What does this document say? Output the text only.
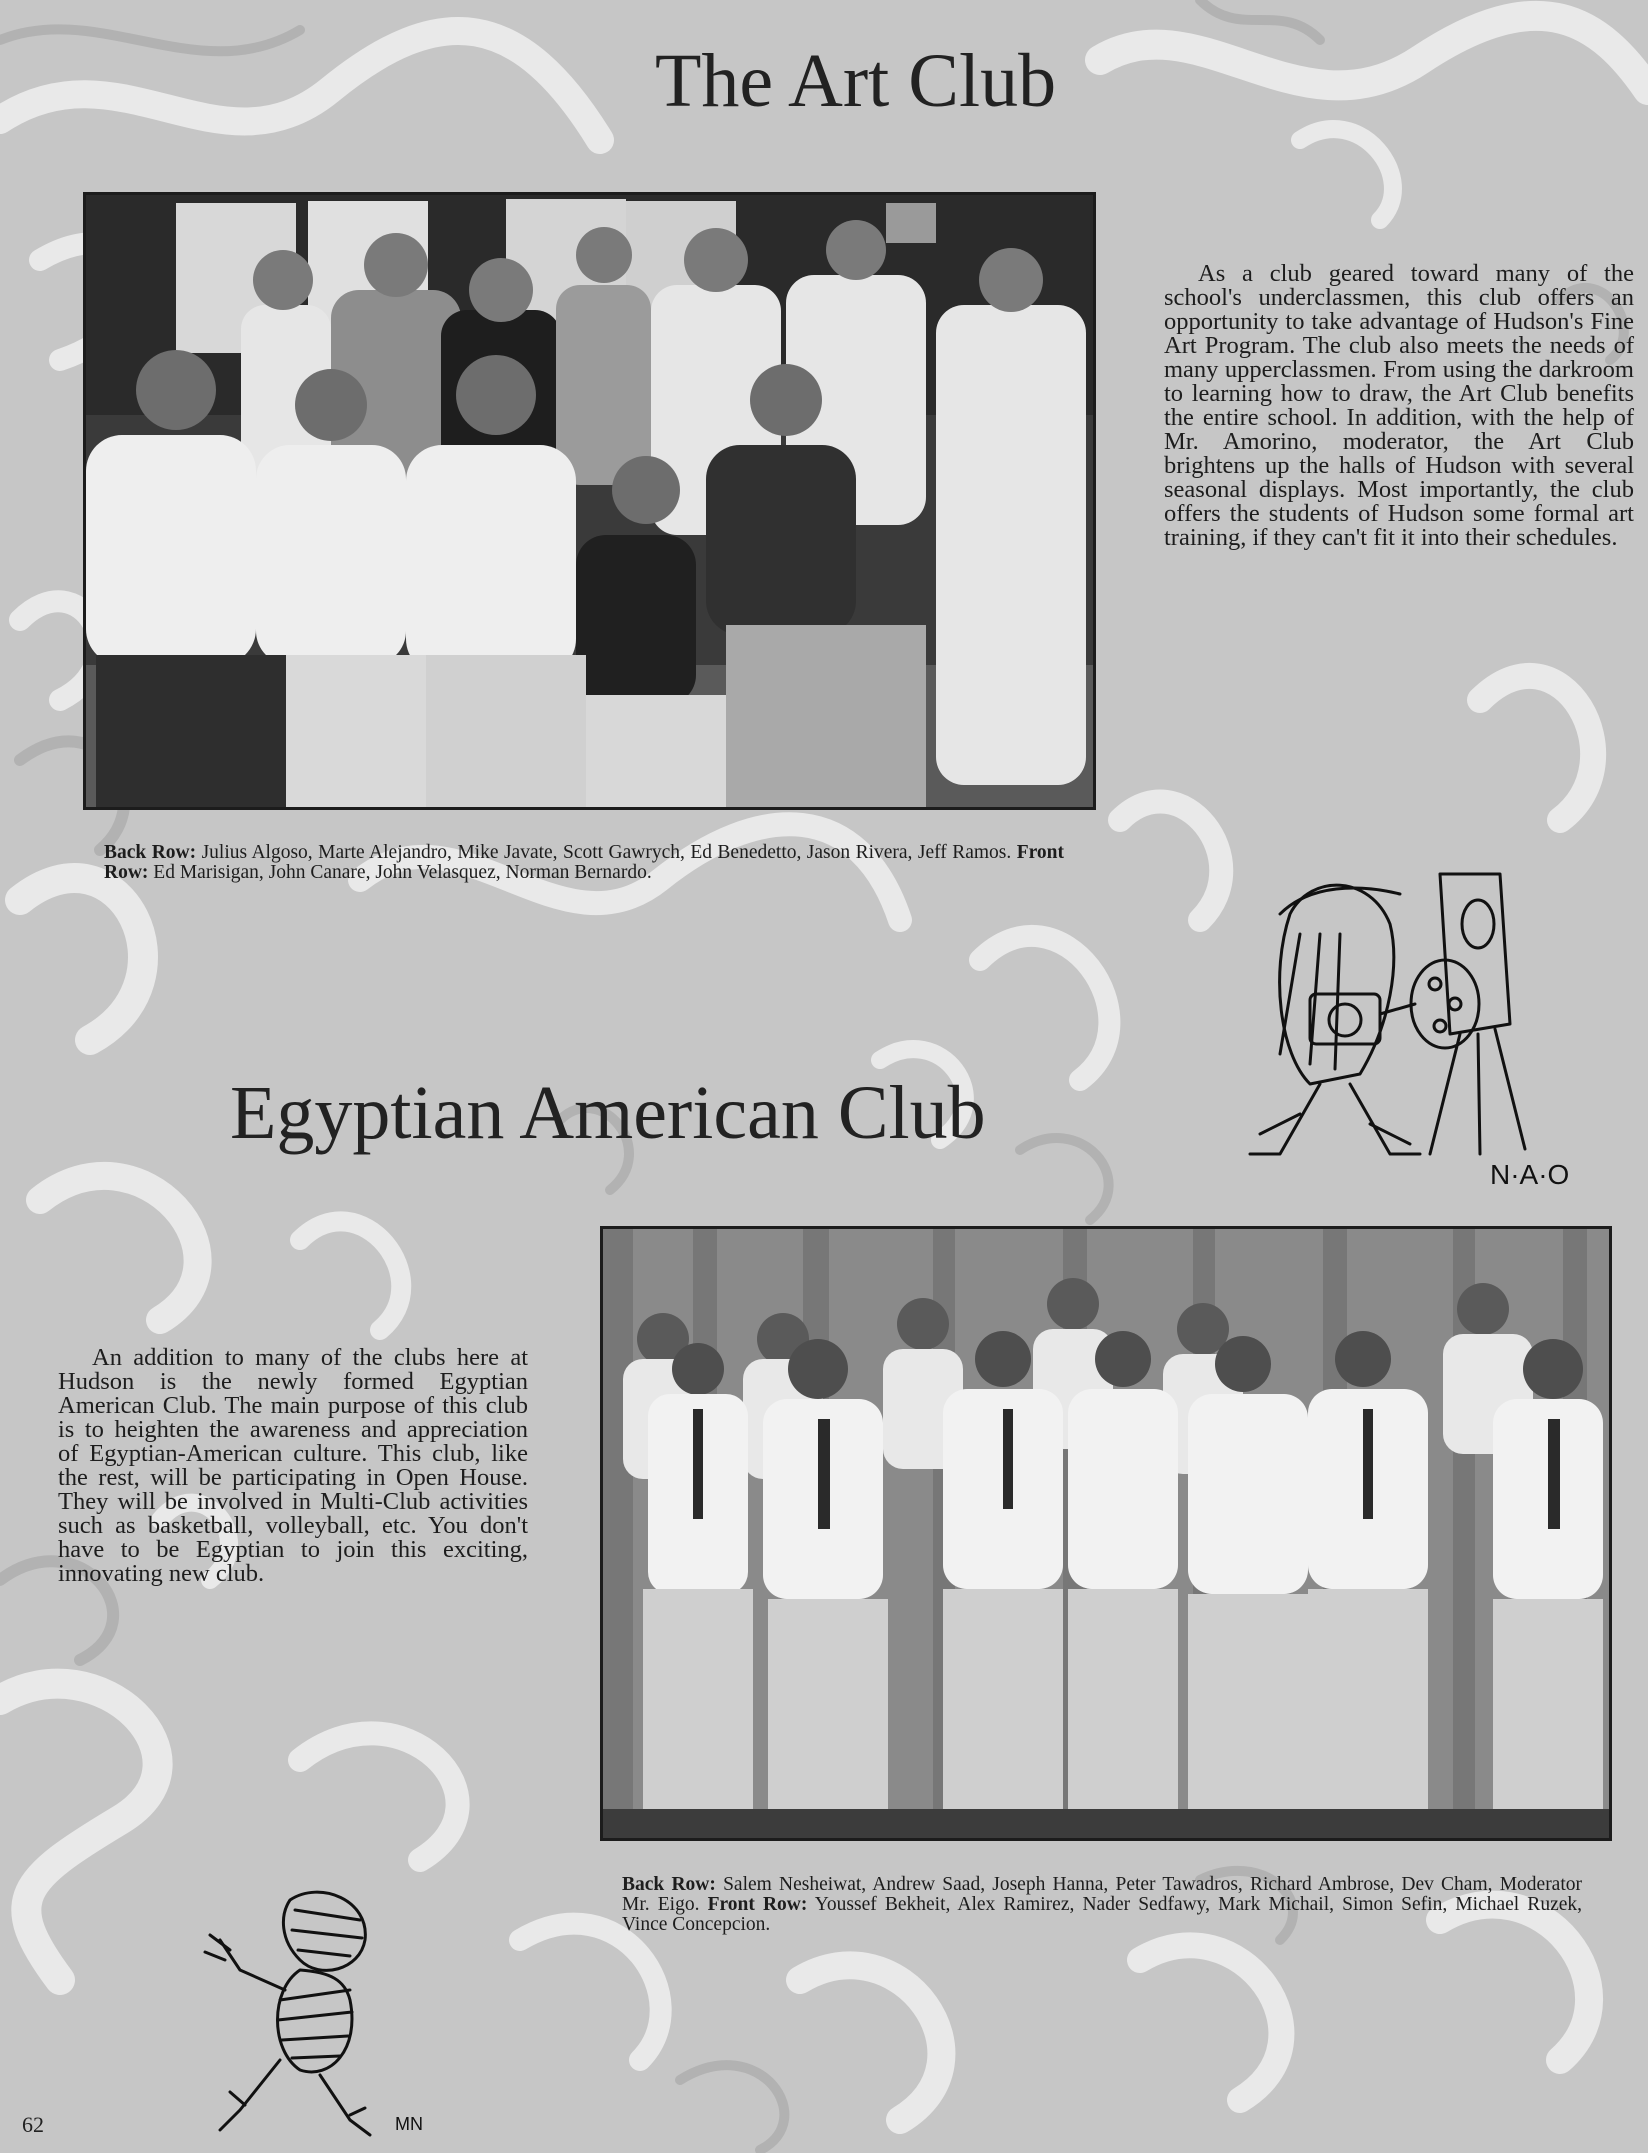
The Art Club

As a club geared toward many of the school's underclassmen, this club offers an opportunity to take advantage of Hudson's Fine Art Program. The club also meets the needs of many upperclassmen. From using the darkroom to learning how to draw, the Art Club benefits the entire school. In addition, with the help of Mr. Amorino, moderator, the Art Club brightens up the halls of Hudson with several seasonal displays. Most importantly, the club offers the students of Hudson some formal art training, if they can't fit it into their schedules.

Back Row: Julius Algoso, Marte Alejandro, Mike Javate, Scott Gawrych, Ed Benedetto, Jason Rivera, Jeff Ramos. Front Row: Ed Marisigan, John Canare, John Velasquez, Norman Bernardo.

N·A·O
Egyptian American Club

An addition to many of the clubs here at Hudson is the newly formed Egyptian American Club. The main purpose of this club is to heighten the awareness and appreciation of Egyptian-American culture. This club, like the rest, will be participating in Open House. They will be involved in Multi-Club activities such as basketball, volleyball, etc. You don't have to be Egyptian to join this exciting, innovating new club.

Back Row: Salem Nesheiwat, Andrew Saad, Joseph Hanna, Peter Tawadros, Richard Ambrose, Dev Cham, Moderator Mr. Eigo. Front Row: Youssef Bekheit, Alex Ramirez, Nader Sedfawy, Mark Michail, Simon Sefin, Michael Ruzek, Vince Concepcion.

MN

62
